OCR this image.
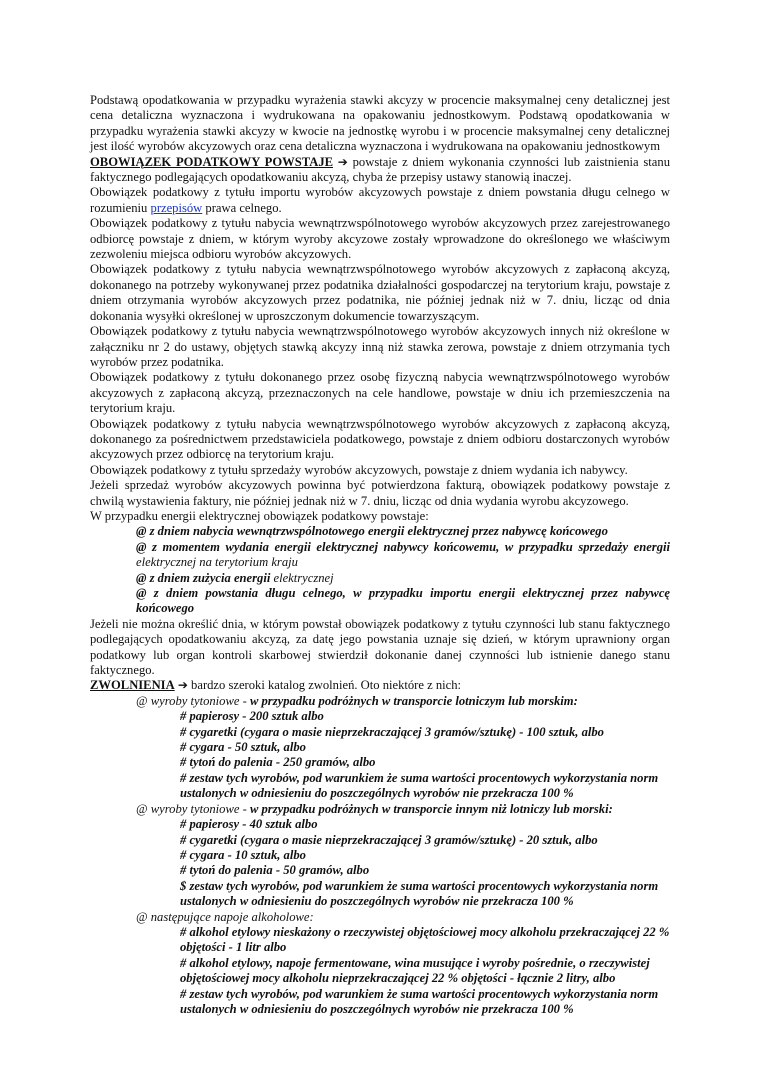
Podstawą opodatkowania w przypadku wyrażenia stawki akcyzy w procencie maksymalnej ceny detalicznej jest cena detaliczna wyznaczona i wydrukowana na opakowaniu jednostkowym. Podstawą opodatkowania w przypadku wyrażenia stawki akcyzy w kwocie na jednostkę wyrobu i w procencie maksymalnej ceny detalicznej jest ilość wyrobów akcyzowych oraz cena detaliczna wyznaczona i wydrukowana na opakowaniu jednostkowym

OBOWIĄZEK PODATKOWY POWSTAJE ➔ powstaje z dniem wykonania czynności lub zaistnienia stanu faktycznego podlegających opodatkowaniu akcyzą, chyba że przepisy ustawy stanowią inaczej.

Obowiązek podatkowy z tytułu importu wyrobów akcyzowych powstaje z dniem powstania długu celnego w rozumieniu przepisów prawa celnego.

Obowiązek podatkowy z tytułu nabycia wewnątrzwspólnotowego wyrobów akcyzowych przez zarejestrowanego odbiorcę powstaje z dniem, w którym wyroby akcyzowe zostały wprowadzone do określonego we właściwym zezwoleniu miejsca odbioru wyrobów akcyzowych.

Obowiązek podatkowy z tytułu nabycia wewnątrzwspólnotowego wyrobów akcyzowych z zapłaconą akcyzą, dokonanego na potrzeby wykonywanej przez podatnika działalności gospodarczej na terytorium kraju, powstaje z dniem otrzymania wyrobów akcyzowych przez podatnika, nie później jednak niż w 7. dniu, licząc od dnia dokonania wysyłki określonej w uproszczonym dokumencie towarzyszącym.

Obowiązek podatkowy z tytułu nabycia wewnątrzwspólnotowego wyrobów akcyzowych innych niż określone w załączniku nr 2 do ustawy, objętych stawką akcyzy inną niż stawka zerowa, powstaje z dniem otrzymania tych wyrobów przez podatnika.

Obowiązek podatkowy z tytułu dokonanego przez osobę fizyczną nabycia wewnątrzwspólnotowego wyrobów akcyzowych z zapłaconą akcyzą, przeznaczonych na cele handlowe, powstaje w dniu ich przemieszczenia na terytorium kraju.

Obowiązek podatkowy z tytułu nabycia wewnątrzwspólnotowego wyrobów akcyzowych z zapłaconą akcyzą, dokonanego za pośrednictwem przedstawiciela podatkowego, powstaje z dniem odbioru dostarczonych wyrobów akcyzowych przez odbiorcę na terytorium kraju.

Obowiązek podatkowy z tytułu sprzedaży wyrobów akcyzowych, powstaje z dniem wydania ich nabywcy.

Jeżeli sprzedaż wyrobów akcyzowych powinna być potwierdzona fakturą, obowiązek podatkowy powstaje z chwilą wystawienia faktury, nie później jednak niż w 7. dniu, licząc od dnia wydania wyrobu akcyzowego.

W przypadku energii elektrycznej obowiązek podatkowy powstaje:

@ z dniem nabycia wewnątrzwspólnotowego energii elektrycznej przez nabywcę końcowego

@ z momentem wydania energii elektrycznej nabywcy końcowemu, w przypadku sprzedaży energii elektrycznej na terytorium kraju

@ z dniem zużycia energii elektrycznej

@ z dniem powstania długu celnego, w przypadku importu energii elektrycznej przez nabywcę końcowego

Jeżeli nie można określić dnia, w którym powstał obowiązek podatkowy z tytułu czynności lub stanu faktycznego podlegających opodatkowaniu akcyzą, za datę jego powstania uznaje się dzień, w którym uprawniony organ podatkowy lub organ kontroli skarbowej stwierdził dokonanie danej czynności lub istnienie danego stanu faktycznego.

ZWOLNIENIA ➔ bardzo szeroki katalog zwolnień. Oto niektóre z nich:

@ wyroby tytoniowe - w przypadku podróżnych w transporcie lotniczym lub morskim:

# papierosy - 200 sztuk albo

# cygaretki (cygara o masie nieprzekraczającej 3 gramów/sztukę) - 100 sztuk, albo

# cygara - 50 sztuk, albo

# tytoń do palenia - 250 gramów, albo

# zestaw tych wyrobów, pod warunkiem że suma wartości procentowych wykorzystania norm ustalonych w odniesieniu do poszczególnych wyrobów nie przekracza 100 %

@ wyroby tytoniowe - w przypadku podróżnych w transporcie innym niż lotniczy lub morski:

# papierosy - 40 sztuk albo

# cygaretki (cygara o masie nieprzekraczającej 3 gramów/sztukę) - 20 sztuk, albo

# cygara - 10 sztuk, albo

# tytoń do palenia - 50 gramów, albo

$ zestaw tych wyrobów, pod warunkiem że suma wartości procentowych wykorzystania norm ustalonych w odniesieniu do poszczególnych wyrobów nie przekracza 100 %

@ następujące napoje alkoholowe:

# alkohol etylowy nieskażony o rzeczywistej objętościowej mocy alkoholu przekraczającej 22 % objętości - 1 litr albo

# alkohol etylowy, napoje fermentowane, wina musujące i wyroby pośrednie, o rzeczywistej objętościowej mocy alkoholu nieprzekraczającej 22 % objętości - łącznie 2 litry, albo

# zestaw tych wyrobów, pod warunkiem że suma wartości procentowych wykorzystania norm ustalonych w odniesieniu do poszczególnych wyrobów nie przekracza 100 %
